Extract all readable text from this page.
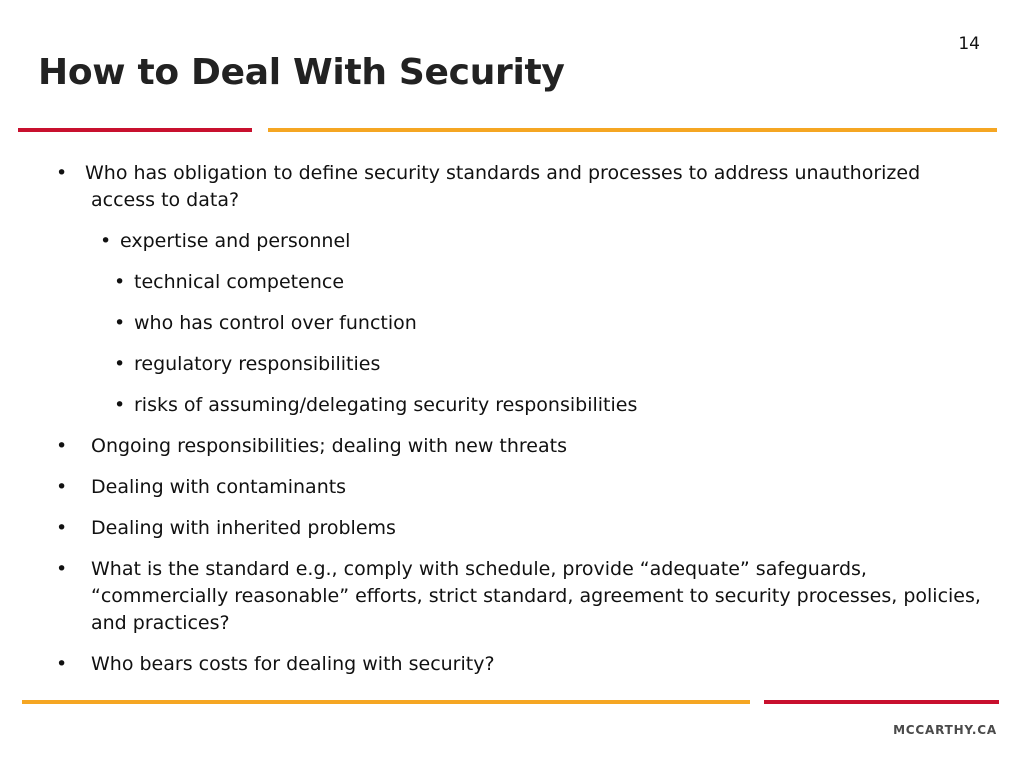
14
How to Deal With Security
• Who has obligation to define security standards and processes to address unauthorized access to data?
• expertise and personnel
• technical competence
• who has control over function
• regulatory responsibilities
• risks of assuming/delegating security responsibilities
• Ongoing responsibilities; dealing with new threats
• Dealing with contaminants
• Dealing with inherited problems
• What is the standard e.g., comply with schedule, provide “adequate” safeguards, “commercially reasonable” efforts, strict standard, agreement to security processes, policies, and practices?
• Who bears costs for dealing with security?
MCCARTHY.CA
